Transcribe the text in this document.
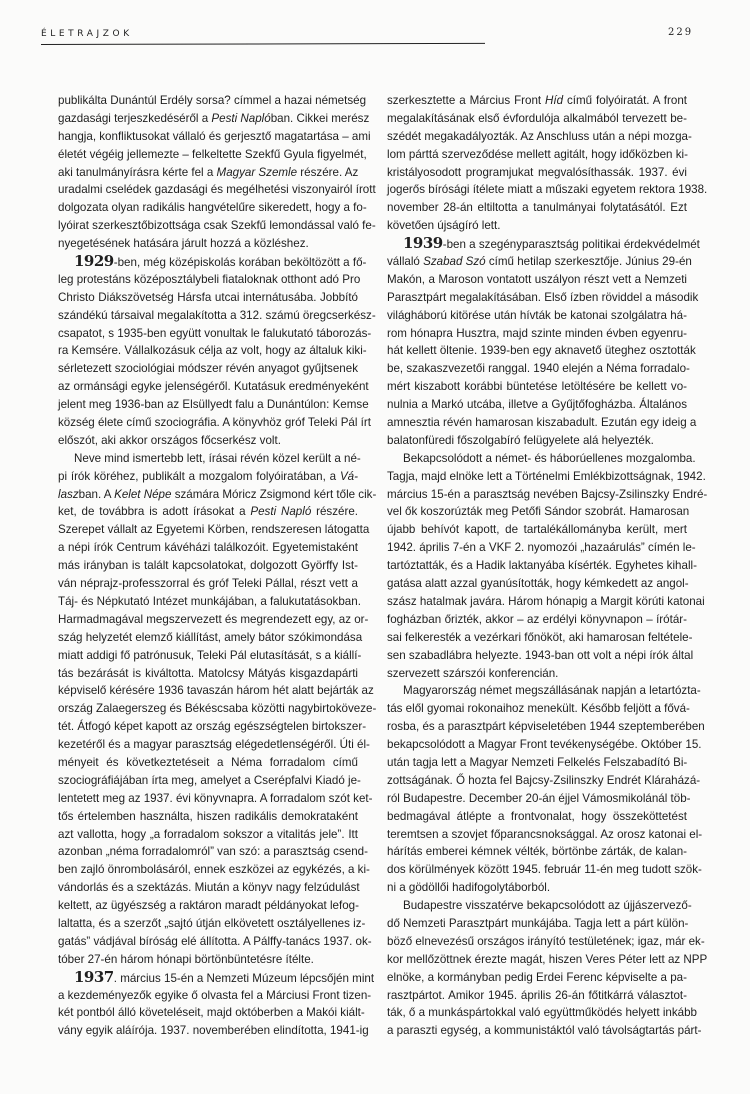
ÉLETRAJZOK	229
publikálta Dunántúl Erdély sorsa? címmel a hazai németség
gazdasági terjeszkedéséről a Pesti Naplóban. Cikkei merész
hangja, konfliktusokat vállaló és gerjesztő magatartása – ami
életét végéig jellemezte – felkeltette Szekfű Gyula figyelmét,
aki tanulmányírásra kérte fel a Magyar Szemle részére. Az
uradalmi cselédek gazdasági és megélhetési viszonyairól írott
dolgozata olyan radikális hangvételűre sikeredett, hogy a fo-
lyóirat szerkesztőbizottsága csak Szekfű lemondással való fe-
nyegetésének hatására járult hozzá a közléshez.
1929-ben, még középiskolás korában beköltözött a fő-
leg protestáns középosztálybeli fiataloknak otthont adó Pro
Christo Diákszövetség Hársfa utcai internátusába. Jobbító
szándékú társaival megalakította a 312. számú öregcserkész-
csapatot, s 1935-ben együtt vonultak le falukutató táborozás-
ra Kemsére. Vállalkozásuk célja az volt, hogy az általuk kiki-
sérletezett szociológiai módszer révén anyagot gyűjtsenek
az ormánsági egyke jelenségéről. Kutatásuk eredményeként
jelent meg 1936-ban az Elsüllyedt falu a Dunántúlon: Kemse
község élete című szociográfia. A könyvhöz gróf Teleki Pál írt
előszót, aki akkor országos főcserkész volt.
Neve mind ismertebb lett, írásai révén közel került a né-
pi írók köréhez, publikált a mozgalom folyóiratában, a Vá-
laszban. A Kelet Népe számára Móricz Zsigmond kért tőle cik-
ket, de továbbra is adott írásokat a Pesti Napló részére.
Szerepet vállalt az Egyetemi Körben, rendszeresen látogatta
a népi írók Centrum kávéházi találkozóit. Egyetemistaként
más irányban is talált kapcsolatokat, dolgozott Györffy Ist-
ván néprajz-professzorral és gróf Teleki Pállal, részt vett a
Táj- és Népkutató Intézet munkájában, a falukutatásokban.
Harmadmagával megszervezett és megrendezett egy, az or-
szág helyzetét elemző kiállítást, amely bátor szókimondása
miatt addigi fő patrónusuk, Teleki Pál elutasítását, s a kiállí-
tás bezárását is kiváltotta. Matolcsy Mátyás kisgazdapárti
képviselő kérésére 1936 tavaszán három hét alatt bejárták az
ország Zalaegerszeg és Békéscsaba közötti nagybirtoköveze-
tét. Átfogó képet kapott az ország egészségtelen birtokszer-
kezetéről és a magyar parasztság elégedetlenségéről. Úti él-
ményeit és következtetéseit a Néma forradalom című
szociográfiájában írta meg, amelyet a Cserépfalvi Kiadó je-
lentetett meg az 1937. évi könyvnapra. A forradalom szót ket-
tős értelemben használta, hiszen radikális demokrataként
azt vallotta, hogy „a forradalom sokszor a vitalitás jele”. Itt
azonban „néma forradalomról” van szó: a parasztság csend-
ben zajló önrombolásáról, ennek eszközei az egykézés, a ki-
vándorlás és a szektázás. Miután a könyv nagy felzúdulást
keltett, az ügyészség a raktáron maradt példányokat lefog-
laltatta, és a szerzőt „sajtó útján elkövetett osztályellenes iz-
gatás” vádjával bíróság elé állította. A Pálffy-tanács 1937. ok-
tóber 27-én három hónapi börtönbüntetésre ítélte.
1937. március 15-én a Nemzeti Múzeum lépcsőjén mint
a kezdeményezők egyike ő olvasta fel a Márciusi Front tizen-
két pontból álló követeléseit, majd októberben a Makói kiált-
vány egyik aláírója. 1937. novemberében elindította, 1941-ig
szerkesztette a Március Front Híd című folyóiratát. A front
megalakításának első évfordulója alkalmából tervezett be-
szédét megakadályozták. Az Anschluss után a népi mozga-
lom párttá szerveződése mellett agitált, hogy időközben ki-
kristályosodott programjukat megvalósíthassák. 1937. évi
jogerős bírósági ítélete miatt a műszaki egyetem rektora 1938.
november 28-án eltiltotta a tanulmányai folytatásától. Ezt
követően újságíró lett.
1939-ben a szegényparasztság politikai érdekvédelmét
vállaló Szabad Szó című hetilap szerkesztője. Június 29-én
Makón, a Maroson vontatott uszályon részt vett a Nemzeti
Parasztpárt megalakításában. Első ízben röviddel a második
világháború kitörése után hívták be katonai szolgálatra há-
rom hónapra Husztra, majd szinte minden évben egyenru-
hát kellett öltenie. 1939-ben egy aknavető üteghez osztották
be, szakaszvezetői ranggal. 1940 elején a Néma forradalo-
mért kiszabott korábbi büntetése letöltésére be kellett vo-
nulnia a Markó utcába, illetve a Gyűjtőfogházba. Általános
amnesztia révén hamarosan kiszabadult. Ezután egy ideig a
balatonfüredi főszolgabíró felügyelete alá helyezték.
Bekapcsolódott a német- és háborúellenes mozgalomba.
Tagja, majd elnöke lett a Történelmi Emlékbizottságnak, 1942.
március 15-én a parasztság nevében Bajcsy-Zsilinszky Endré-
vel ők koszorúzták meg Petőfi Sándor szobrát. Hamarosan
újabb behívót kapott, de tartalékállományba került, mert
1942. április 7-én a VKF 2. nyomozói „hazaárulás” címén le-
tartóztatták, és a Hadik laktanyába kísérték. Egyhetes kihall-
gatása alatt azzal gyanúsították, hogy kémkedett az angol-
szász hatalmak javára. Három hónapig a Margit körúti katonai
fogházban őrizték, akkor – az erdélyi könyvnapon – írótár-
sai felkeresték a vezérkari főnököt, aki hamarosan feltétele-
sen szabadlábra helyezte. 1943-ban ott volt a népi írók által
szervezett szárszói konferencián.
Magyarország német megszállásának napján a letartózta-
tás elől gyomai rokonaihoz menekült. Később feljött a fővá-
rosba, és a parasztpárt képviseletében 1944 szeptemberében
bekapcsolódott a Magyar Front tevékenységébe. Október 15.
után tagja lett a Magyar Nemzeti Felkelés Felszabadító Bi-
zottságának. Ő hozta fel Bajcsy-Zsilinszky Endrét Kláraházá-
ról Budapestre. December 20-án éjjel Vámosmikolánál töb-
bedmagával átlépte a frontvonalat, hogy összeköttetést
teremtsen a szovjet főparancsnoksággal. Az orosz katonai el-
hárítás emberei kémnek vélték, börtönbe zárták, de kalan-
dos körülmények között 1945. február 11-én meg tudott szök-
ni a gödöllői hadifogolytáborból.
Budapestre visszatérve bekapcsolódott az újjászervező-
dő Nemzeti Parasztpárt munkájába. Tagja lett a párt külön-
böző elnevezésű országos irányító testületének; igaz, már ek-
kor mellőzöttnek érezte magát, hiszen Veres Péter lett az NPP
elnöke, a kormányban pedig Erdei Ferenc képviselte a pa-
rasztpártot. Amikor 1945. április 26-án főtitkárrá választot-
ták, ő a munkáspártokkal való együttműködés helyett inkább
a paraszti egység, a kommunistáktól való távolságtartás párt-
